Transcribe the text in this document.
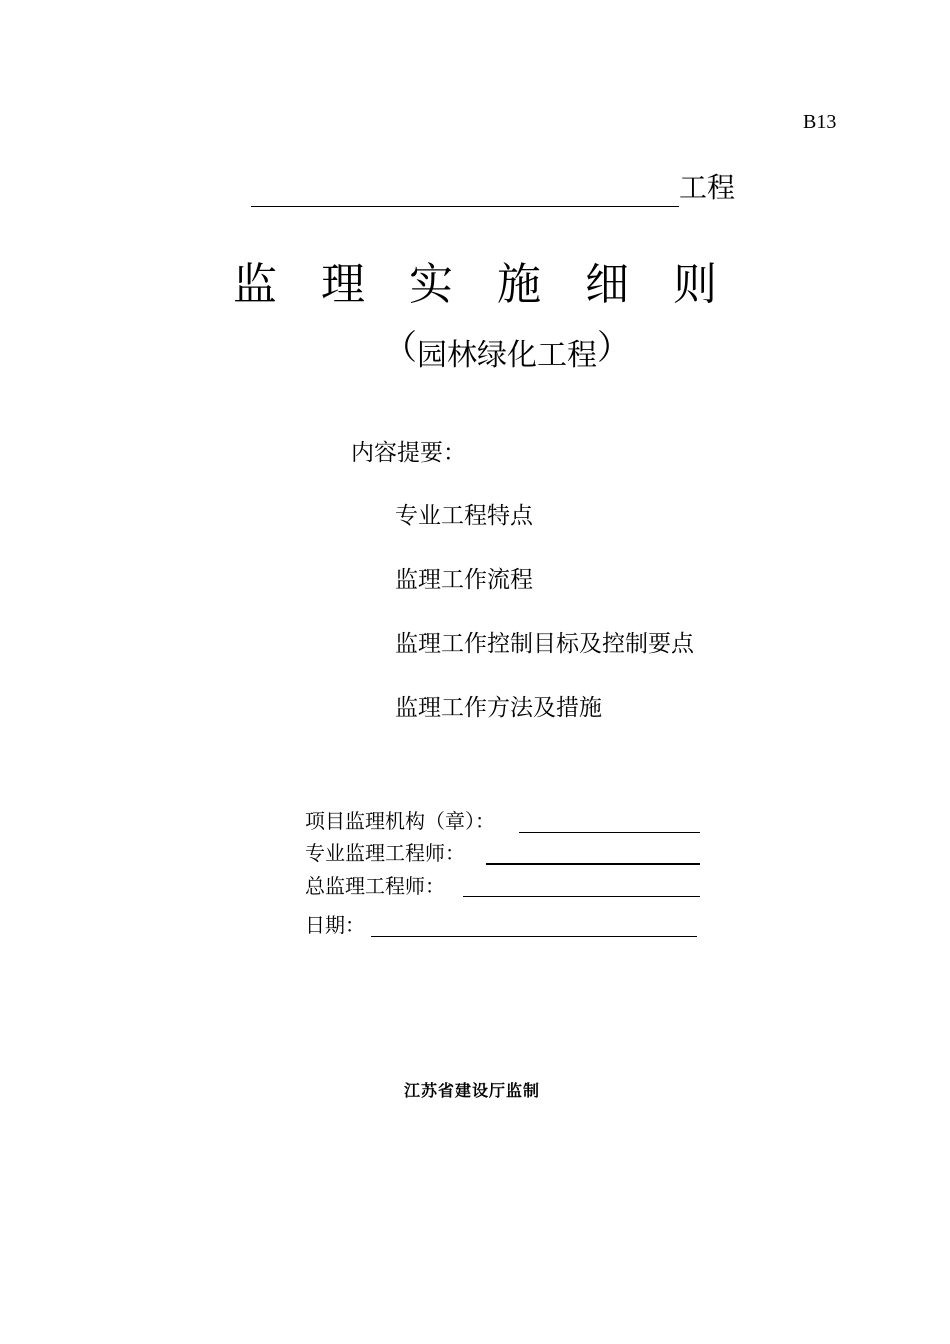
B13
工程
监理实施细则
（园林绿化工程）
内容提要：
专业工程特点
监理工作流程
监理工作控制目标及控制要点
监理工作方法及措施
项目监理机构（章）：
专业监理工程师：
总监理工程师：
日期：
江苏省建设厅监制
